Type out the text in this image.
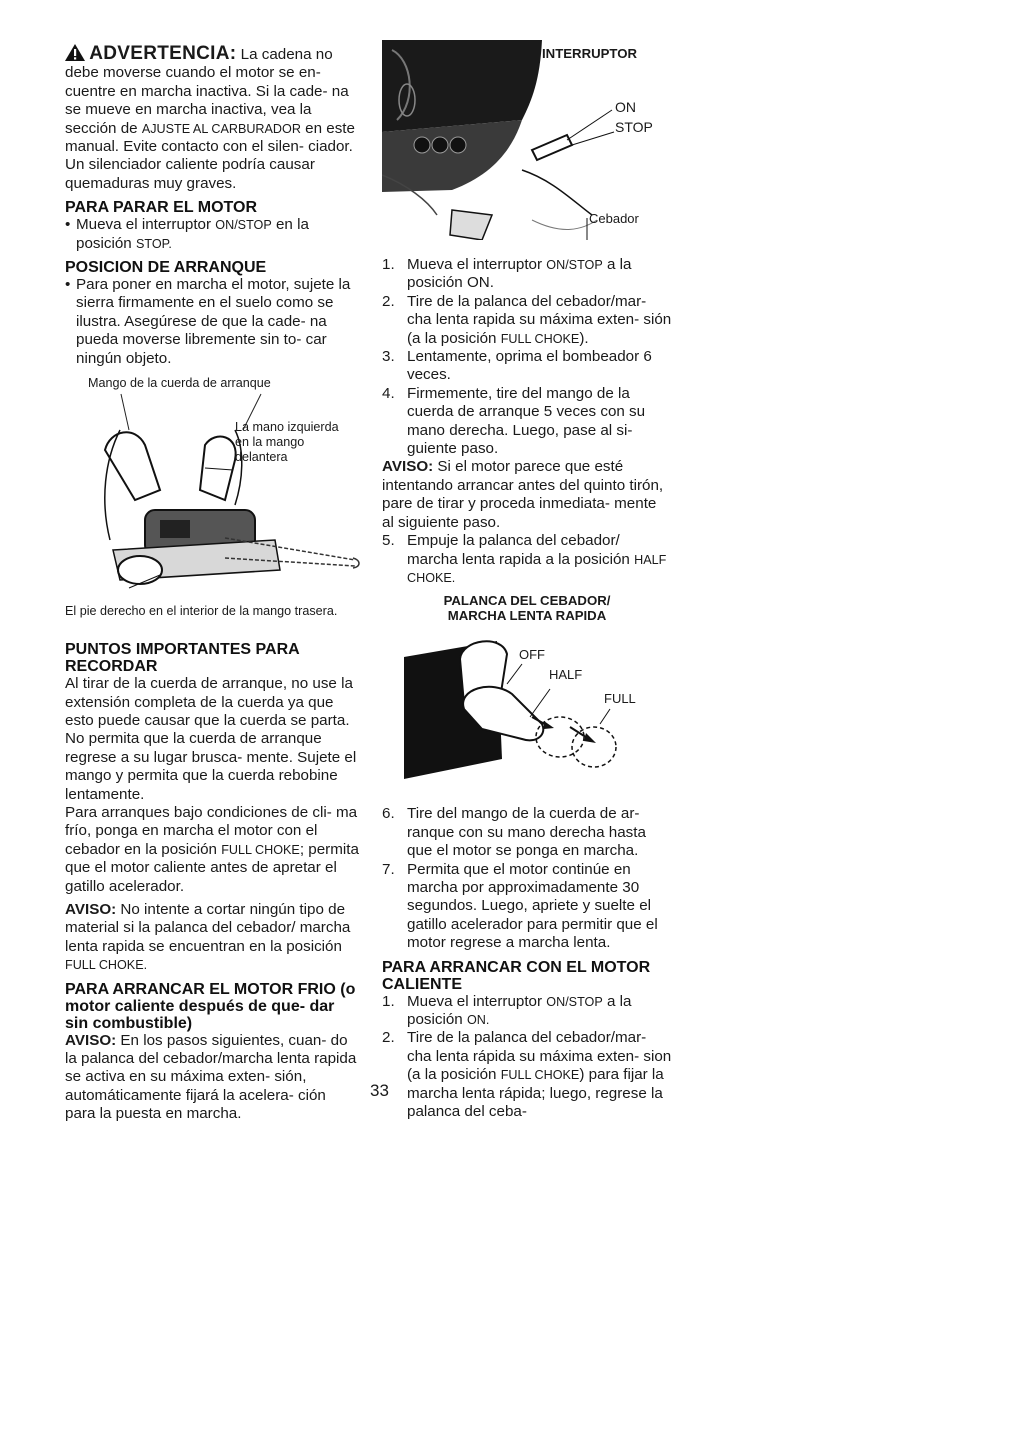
ADVERTENCIA: La cadena no debe moverse cuando el motor se en- cuentre en marcha inactiva. Si la cade- na se mueve en marcha inactiva, vea la sección de AJUSTE AL CARBURADOR en este manual. Evite contacto con el silen- ciador. Un silenciador caliente podría causar quemaduras muy graves.

PARA PARAR EL MOTOR
• Mueva el interruptor ON/STOP en la posición STOP.
POSICION DE ARRANQUE
• Para poner en marcha el motor, sujete la sierra firmamente en el suelo como se ilustra. Asegúrese de que la cade- na pueda moverse libremente sin to- car ningún objeto.
Mango de la cuerda de arranque
La mano izquierda en la mango delantera
El pie derecho en el interior de la mango trasera.
PUNTOS IMPORTANTES PARA RECORDAR

Al tirar de la cuerda de arranque, no use la extensión completa de la cuerda ya que esto puede causar que la cuerda se parta. No permita que la cuerda de arranque regrese a su lugar brusca- mente. Sujete el mango y permita que la cuerda rebobine lentamente.

Para arranques bajo condiciones de cli- ma frío, ponga en marcha el motor con el cebador en la posición FULL CHOKE; permita que el motor caliente antes de apretar el gatillo acelerador.

AVISO: No intente a cortar ningún tipo de material si la palanca del cebador/ marcha lenta rapida se encuentran en la posición FULL CHOKE.

PARA ARRANCAR EL MOTOR FRIO (o motor caliente después de que- dar sin combustible)

AVISO: En los pasos siguientes, cuan- do la palanca del cebador/marcha lenta rapida se activa en su máxima exten- sión, automáticamente fijará la acelera- ción para la puesta en marcha.

INTERRUPTOR
ON
STOP
Cebador
1. Mueva el interruptor ON/STOP a la posición ON.
2. Tire de la palanca del cebador/mar- cha lenta rapida su máxima exten- sión (a la posición FULL CHOKE).
3. Lentamente, oprima el bombeador 6 veces.
4. Firmemente, tire del mango de la cuerda de arranque 5 veces con su mano derecha. Luego, pase al si- guiente paso.

AVISO: Si el motor parece que esté intentando arrancar antes del quinto tirón, pare de tirar y proceda inmediata- mente al siguiente paso.

5. Empuje la palanca del cebador/ marcha lenta rapida a la posición HALF CHOKE.
PALANCA DEL CEBADOR/
MARCHA LENTA RAPIDA
OFF
HALF
FULL
6. Tire del mango de la cuerda de ar- ranque con su mano derecha hasta que el motor se ponga en marcha.
7. Permita que el motor continúe en marcha por approximadamente 30 segundos. Luego, apriete y suelte el gatillo acelerador para permitir que el motor regrese a marcha lenta.
PARA ARRANCAR CON EL MOTOR CALIENTE
1. Mueva el interruptor ON/STOP a la posición ON.
2. Tire de la palanca del cebador/mar- cha lenta rápida su máxima exten- sion (a la posición FULL CHOKE) para fijar la marcha lenta rápida; luego, regrese la palanca del ceba-
33
